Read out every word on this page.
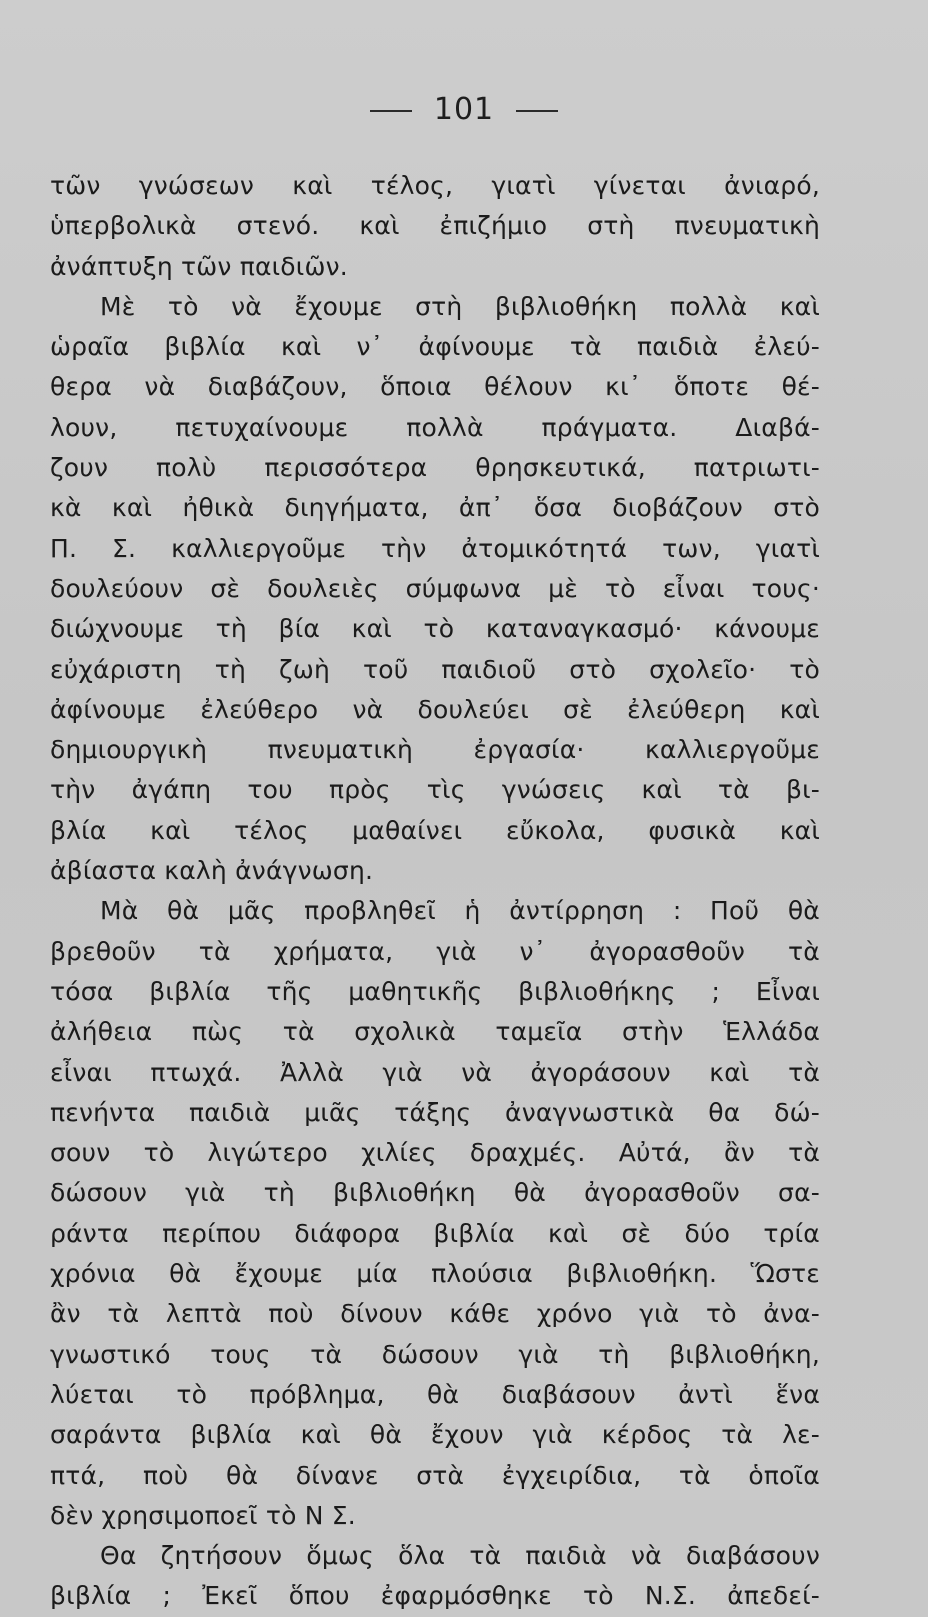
101
τῶν γνώσεων καὶ τέλος, γιατὶ γίνεται ἀνιαρό,
ὑπερβολικὰ στενό. καὶ ἐπιζήμιο στὴ πνευματικὴ
ἀνάπτυξη τῶν παιδιῶν.
Μὲ τὸ νὰ ἔχουμε στὴ βιβλιοθήκη πολλὰ καὶ
ὡραῖα βιβλία καὶ ν᾽ ἀφίνουμε τὰ παιδιὰ ἐλεύ-
θερα νὰ διαβάζουν, ὅποια θέλουν κι᾽ ὅποτε θέ-
λουν, πετυχαίνουμε πολλὰ πράγματα. Διαβά-
ζουν πολὺ περισσότερα θρησκευτικά, πατριωτι-
κὰ καὶ ἠθικὰ διηγήματα, ἀπ᾽ ὅσα διοβάζουν στὸ
Π. Σ. καλλιεργοῦμε τὴν ἀτομικότητά των, γιατὶ
δουλεύουν σὲ δουλειὲς σύμφωνα μὲ τὸ εἶναι τους·
διώχνουμε τὴ βία καὶ τὸ καταναγκασμό· κάνουμε
εὐχάριστη τὴ ζωὴ τοῦ παιδιοῦ στὸ σχολεῖο· τὸ
ἀφίνουμε ἐλεύθερο νὰ δουλεύει σὲ ἐλεύθερη καὶ
δημιουργικὴ πνευματικὴ ἐργασία· καλλιεργοῦμε
τὴν ἀγάπη του πρὸς τὶς γνώσεις καὶ τὰ βι-
βλία καὶ τέλος μαθαίνει εὔκολα, φυσικὰ καὶ
ἀβίαστα καλὴ ἀνάγνωση.
Μὰ θὰ μᾶς προβληθεῖ ἡ ἀντίρρηση : Ποῦ θὰ
βρεθοῦν τὰ χρήματα, γιὰ ν᾽ ἀγορασθοῦν τὰ
τόσα βιβλία τῆς μαθητικῆς βιβλιοθήκης ; Εἶναι
ἀλήθεια πὼς τὰ σχολικὰ ταμεῖα στὴν Ἑλλάδα
εἶναι πτωχά. Ἀλλὰ γιὰ νὰ ἀγοράσουν καὶ τὰ
πενήντα παιδιὰ μιᾶς τάξης ἀναγνωστικὰ θα δώ-
σουν τὸ λιγώτερο χιλίες δραχμές. Αὐτά, ἂν τὰ
δώσουν γιὰ τὴ βιβλιοθήκη θὰ ἀγορασθοῦν σα-
ράντα περίπου διάφορα βιβλία καὶ σὲ δύο τρία
χρόνια θὰ ἔχουμε μία πλούσια βιβλιοθήκη. Ὥστε
ἂν τὰ λεπτὰ ποὺ δίνουν κάθε χρόνο γιὰ τὸ ἀνα-
γνωστικό τους τὰ δώσουν γιὰ τὴ βιβλιοθήκη,
λύεται τὸ πρόβλημα, θὰ διαβάσουν ἀντὶ ἕνα
σαράντα βιβλία καὶ θὰ ἔχουν γιὰ κέρδος τὰ λε-
πτά, ποὺ θὰ δίνανε στὰ ἐγχειρίδια, τὰ ὁποῖα
δὲν χρησιμοποεῖ τὸ Ν Σ.
Θα ζητήσουν ὅμως ὅλα τὰ παιδιὰ νὰ διαβάσουν
βιβλία ; Ἐκεῖ ὅπου ἐφαρμόσθηκε τὸ Ν.Σ. ἀπεδεί-
